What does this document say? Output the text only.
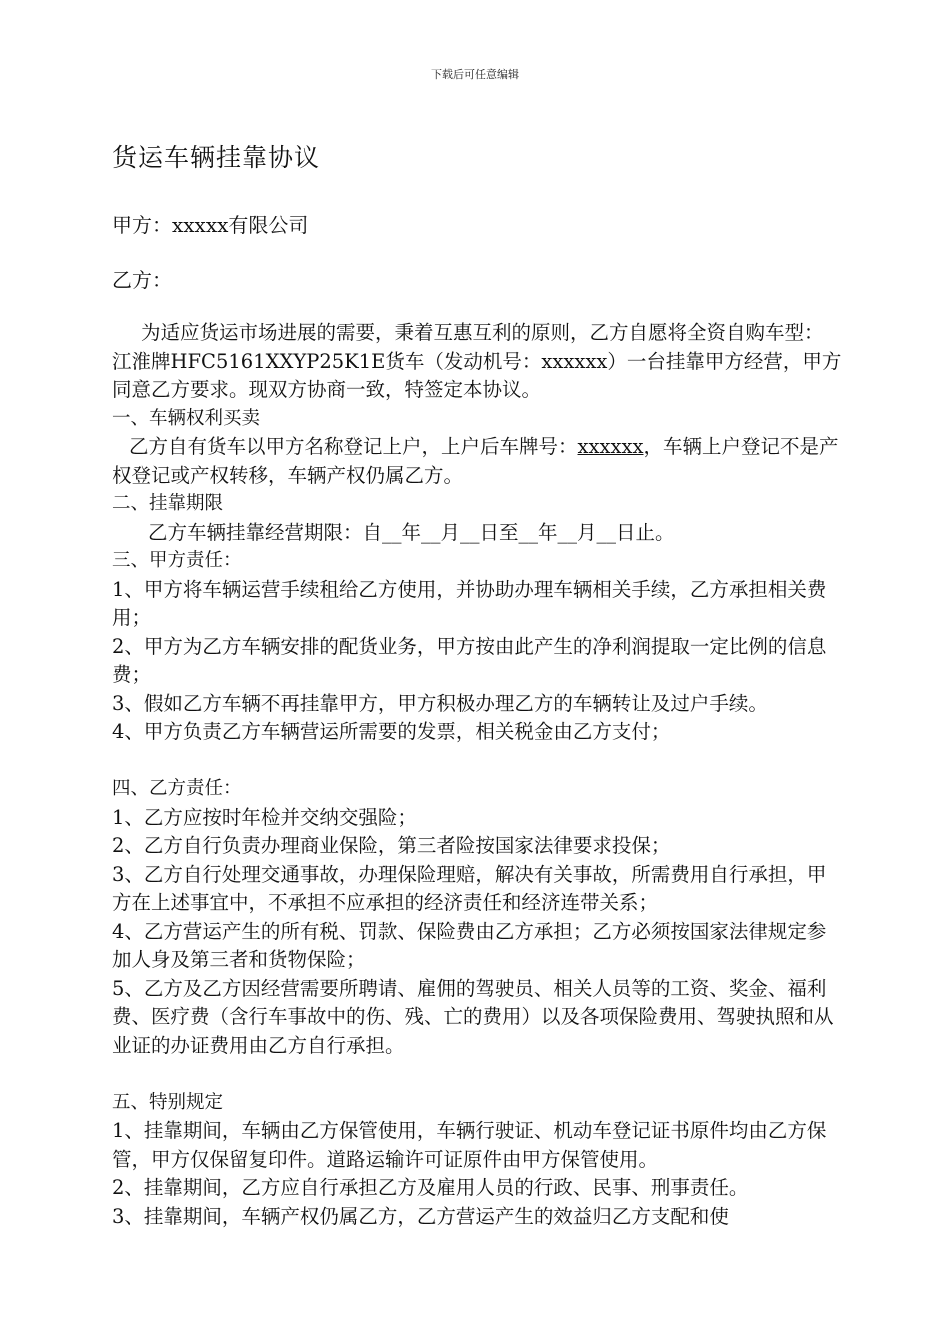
下载后可任意编辑
货运车辆挂靠协议
甲方：xxxxx有限公司
乙方：

为适应货运市场进展的需要，秉着互惠互利的原则，乙方自愿将全资自购车型：江淮牌HFC5161XXYP25K1E货车（发动机号：xxxxxx）一台挂靠甲方经营，甲方同意乙方要求。现双方协商一致，特签定本协议。

一、车辆权利买卖

乙方自有货车以甲方名称登记上户，上户后车牌号：xxxxxx，车辆上户登记不是产权登记或产权转移，车辆产权仍属乙方。

二、挂靠期限

乙方车辆挂靠经营期限：自__年__月__日至__年__月__日止。

三、甲方责任：

1、甲方将车辆运营手续租给乙方使用，并协助办理车辆相关手续，乙方承担相关费用；

2、甲方为乙方车辆安排的配货业务，甲方按由此产生的净利润提取一定比例的信息费；

3、假如乙方车辆不再挂靠甲方，甲方积极办理乙方的车辆转让及过户手续。

4、甲方负责乙方车辆营运所需要的发票，相关税金由乙方支付；

四、乙方责任：

1、乙方应按时年检并交纳交强险；

2、乙方自行负责办理商业保险，第三者险按国家法律要求投保；

3、乙方自行处理交通事故，办理保险理赔，解决有关事故，所需费用自行承担，甲方在上述事宜中，不承担不应承担的经济责任和经济连带关系；

4、乙方营运产生的所有税、罚款、保险费由乙方承担；乙方必须按国家法律规定参加人身及第三者和货物保险；

5、乙方及乙方因经营需要所聘请、雇佣的驾驶员、相关人员等的工资、奖金、福利费、医疗费（含行车事故中的伤、残、亡的费用）以及各项保险费用、驾驶执照和从业证的办证费用由乙方自行承担。

五、特别规定

1、挂靠期间，车辆由乙方保管使用，车辆行驶证、机动车登记证书原件均由乙方保管，甲方仅保留复印件。道路运输许可证原件由甲方保管使用。

2、挂靠期间，乙方应自行承担乙方及雇用人员的行政、民事、刑事责任。

3、挂靠期间，车辆产权仍属乙方，乙方营运产生的效益归乙方支配和使
